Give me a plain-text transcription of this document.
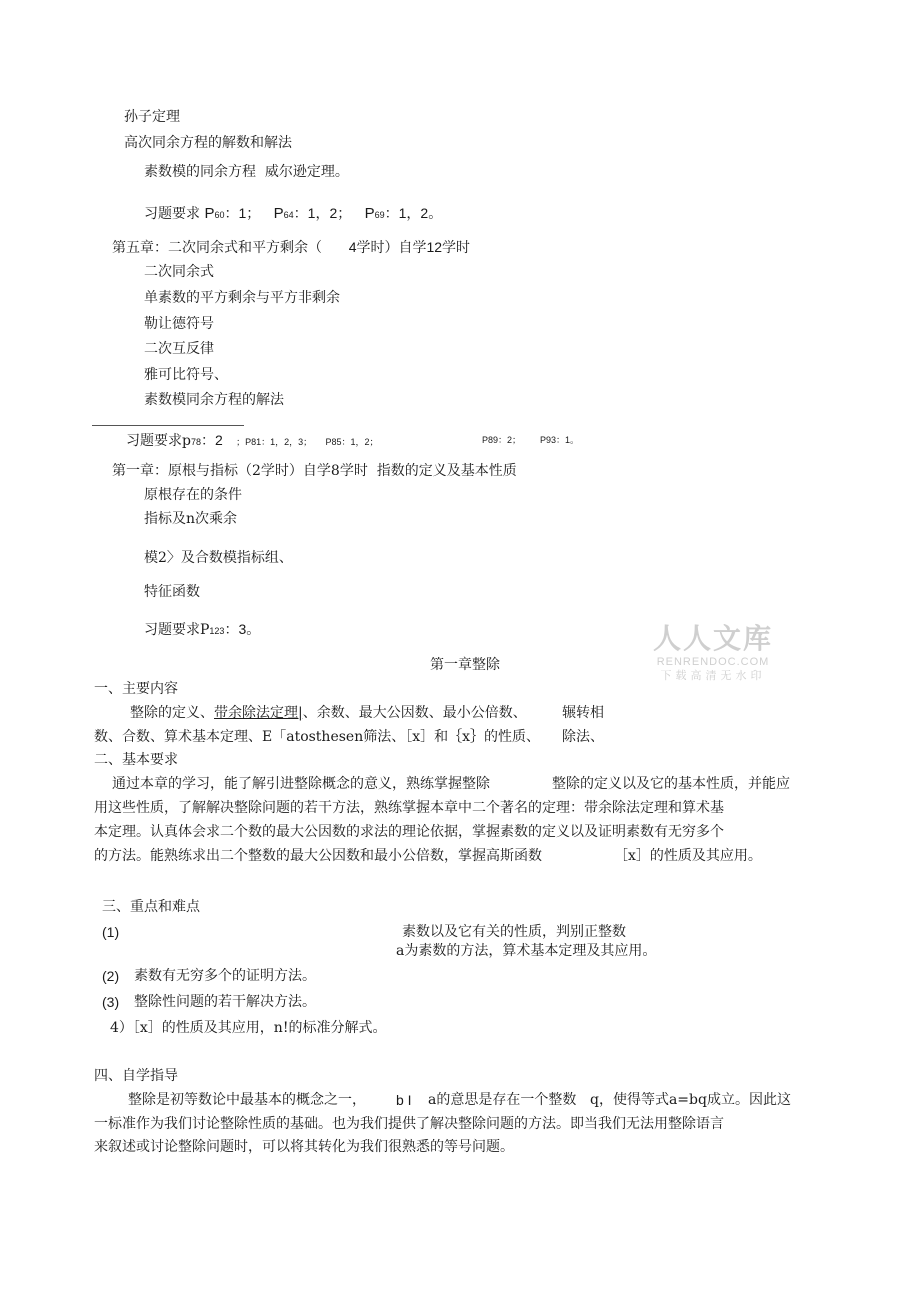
孙子定理
高次同余方程的解数和解法
素数模的同余方程 威尔逊定理。
习题要求 P60：1； P64：1，2； P69：1，2。
第五章：二次同余式和平方剩余（ 4学时）自学12学时
二次同余式
单素数的平方剩余与平方非剩余
勒让德符号
二次互反律
雅可比符号、
素数模同余方程的解法
习题要求p78：2 ；P81：1，2，3； P85：1，2；	P89：2； P93：1。
第一章：原根与指标（2学时）自学8学时 指数的定义及基本性质
原根存在的条件
指标及n次乘余
模2〉及合数模指标组、
特征函数
习题要求P123：3。	人人文库
RENRENDOC.COM
下载高清无水印
第一章整除
一、主要内容
整除的定义、带余除法定理|、余数、最大公因数、最小公倍数、	辗转相
数、合数、算术基本定理、E「atosthesen筛法、［x］和｛x｝的性质、 除法、
二、基本要求
通过本章的学习，能了解引进整除概念的意义，熟练掌握整除	整除的定义以及它的基本性质，并能应
用这些性质，了解解决整除问题的若干方法，熟练掌握本章中二个著名的定理：带余除法定理和算术基
本定理。认真体会求二个数的最大公因数的求法的理论依据，掌握素数的定义以及证明素数有无穷多个
的方法。能熟练求出二个整数的最大公因数和最小公倍数，掌握高斯函数	［x］的性质及其应用。
三、重点和难点
(1)	素数以及它有关的性质，判别正整数
a为素数的方法，算术基本定理及其应用。
(2) 素数有无穷多个的证明方法。
(3) 整除性问题的若干解决方法。
4）［x］的性质及其应用，n!的标准分解式。
四、自学指导
整除是初等数论中最基本的概念之一， b I a的意思是存在一个整数 q，使得等式a=bq成立。因此这
一标准作为我们讨论整除性质的基础。也为我们提供了解决整除问题的方法。即当我们无法用整除语言
来叙述或讨论整除问题时，可以将其转化为我们很熟悉的等号问题。
